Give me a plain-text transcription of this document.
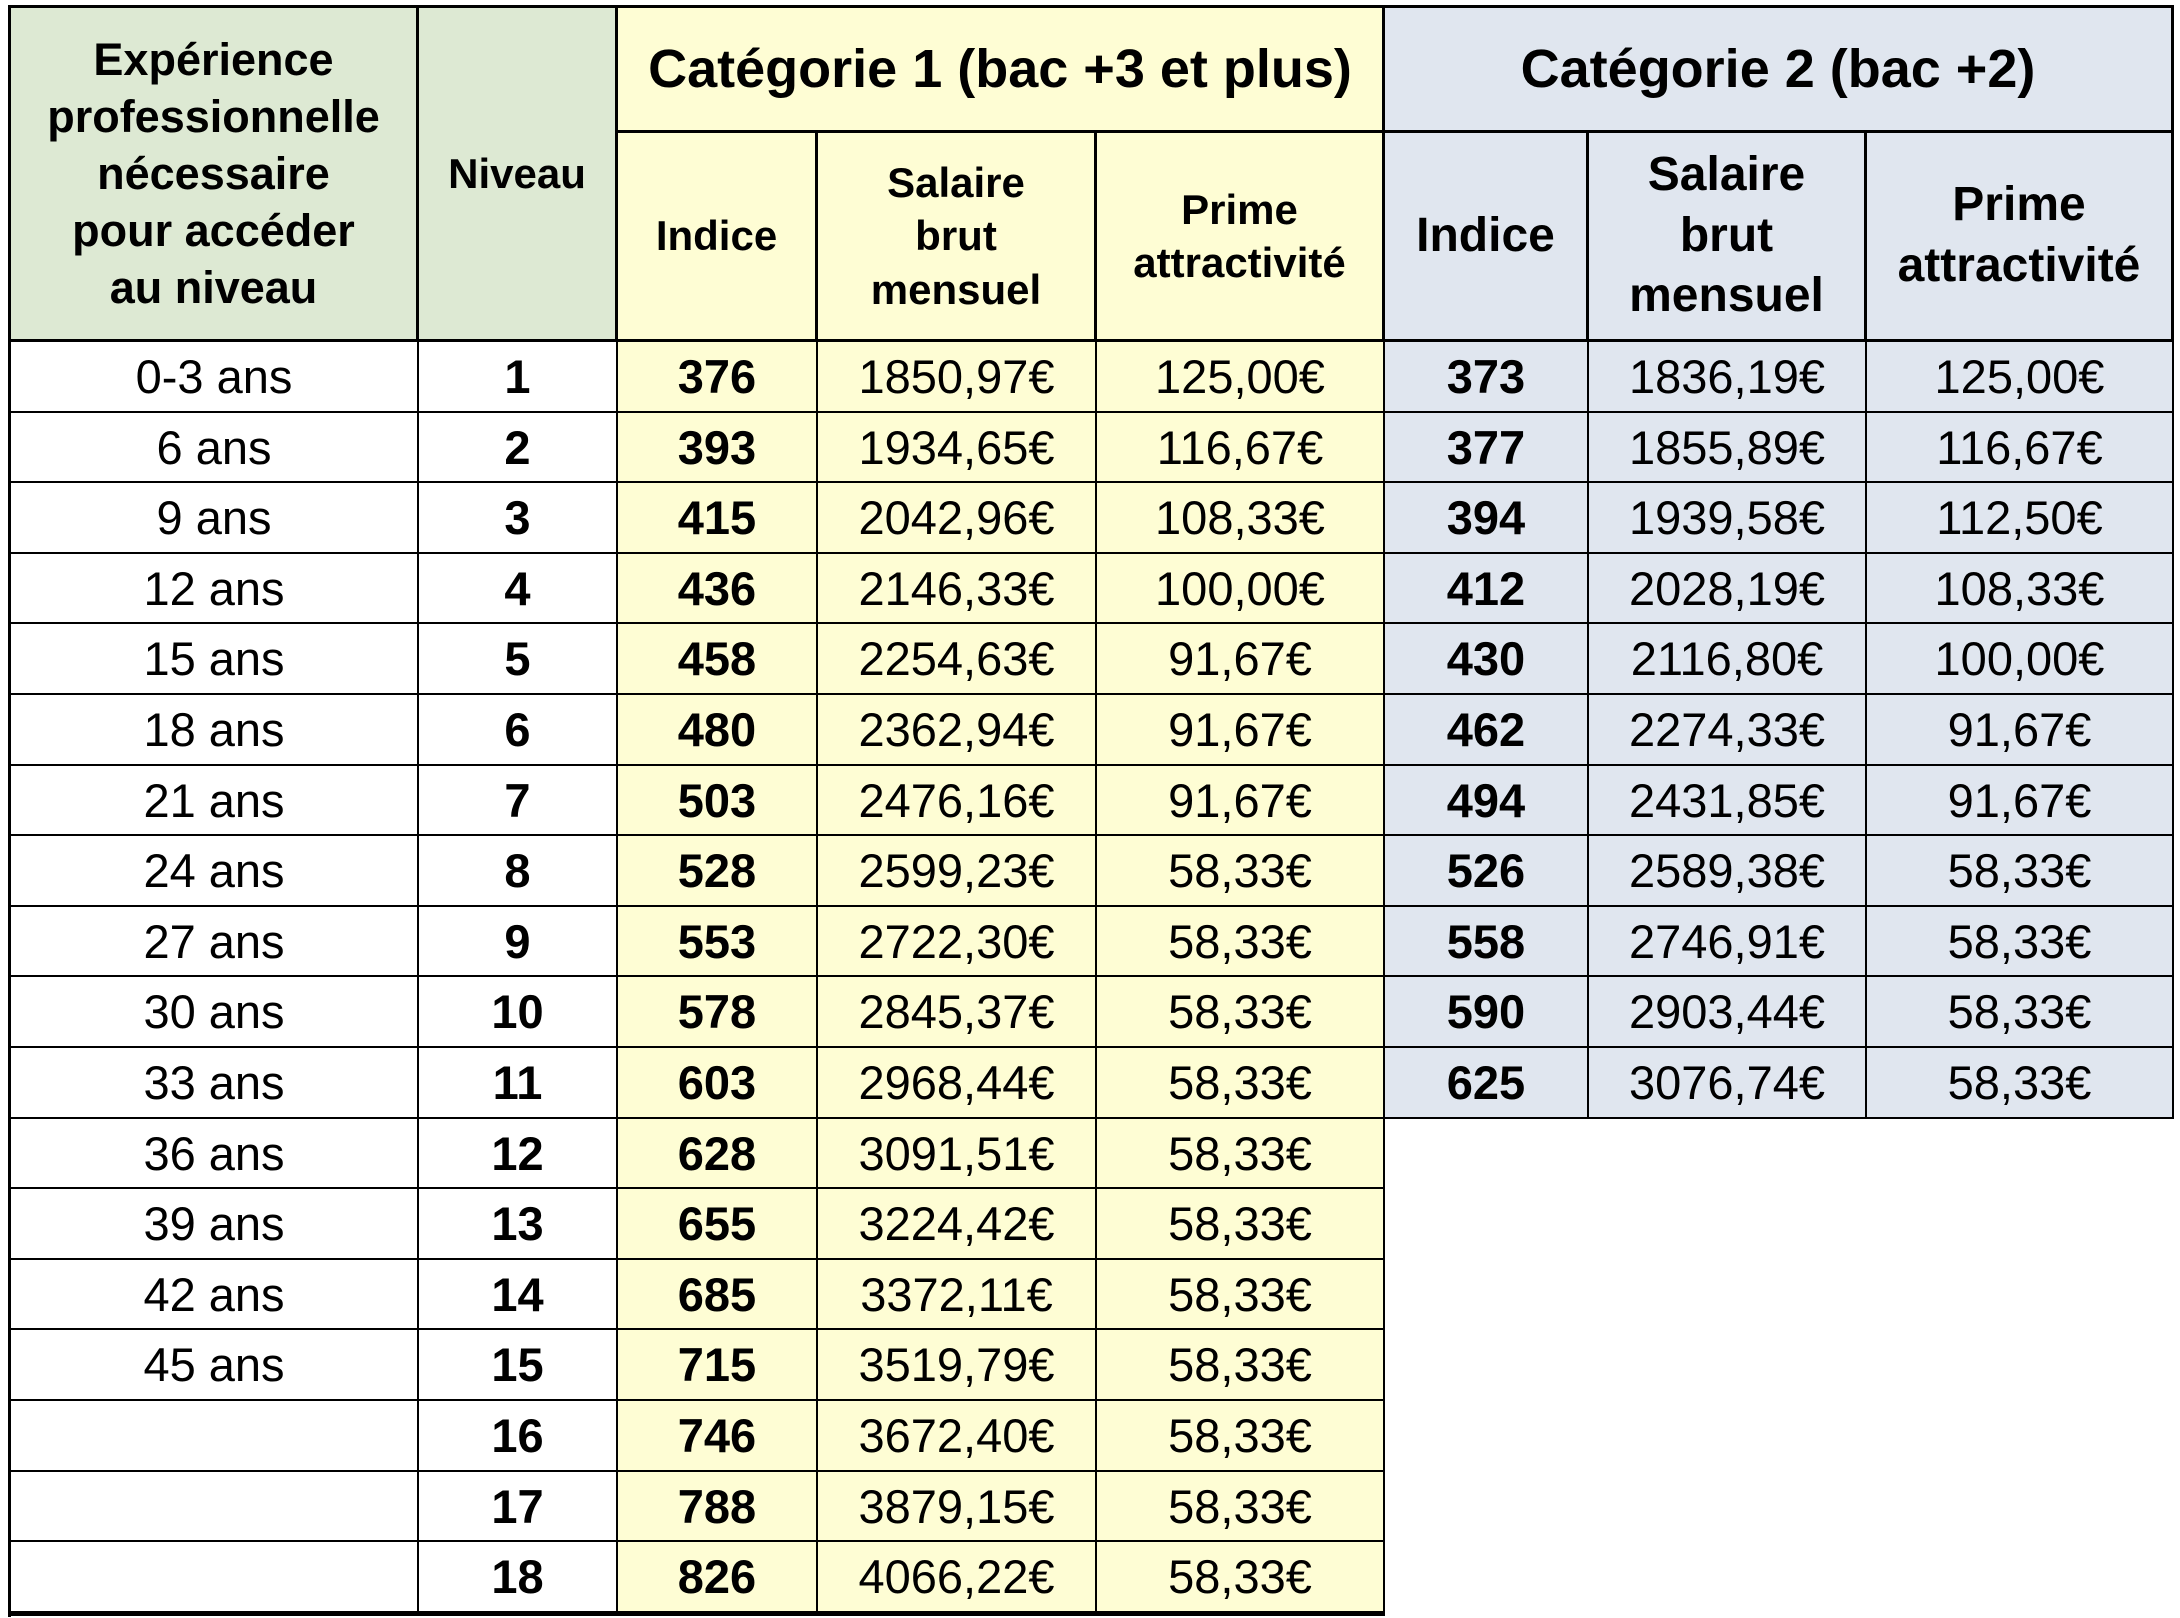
Expérience
professionnelle
nécessaire
pour accéder
au niveau
Niveau
Catégorie 1 (bac +3 et plus)	Catégorie 2 (bac +2)
Indice
Salaire
brut
mensuel
Prime
attractivité
Indice
Salaire
brut
mensuel
Prime
attractivité
0-3 ans	1	376 1850,97€ 125,00€	373 1836,19€ 125,00€
6 ans	2	393 1934,65€ 116,67€	377 1855,89€ 116,67€
9 ans	3	415 2042,96€ 108,33€	394 1939,58€ 112,50€
12 ans	4	436 2146,33€ 100,00€	412 2028,19€ 108,33€
15 ans	5	458 2254,63€ 91,67€	430 2116,80€ 100,00€
18 ans	6	480 2362,94€ 91,67€	462 2274,33€	91,67€
21 ans	7	503 2476,16€ 91,67€	494 2431,85€	91,67€
24 ans	8	528 2599,23€ 58,33€	526 2589,38€	58,33€
27 ans	9	553 2722,30€ 58,33€	558 2746,91€	58,33€
30 ans	10	578 2845,37€ 58,33€	590 2903,44€	58,33€
33 ans	11	603 2968,44€ 58,33€	625 3076,74€	58,33€
36 ans	12	628 3091,51€ 58,33€
39 ans	13	655 3224,42€ 58,33€
42 ans	14	685 3372,11€ 58,33€
45 ans	15	715 3519,79€ 58,33€
16	746 3672,40€ 58,33€
17	788 3879,15€ 58,33€
18	826 4066,22€ 58,33€
